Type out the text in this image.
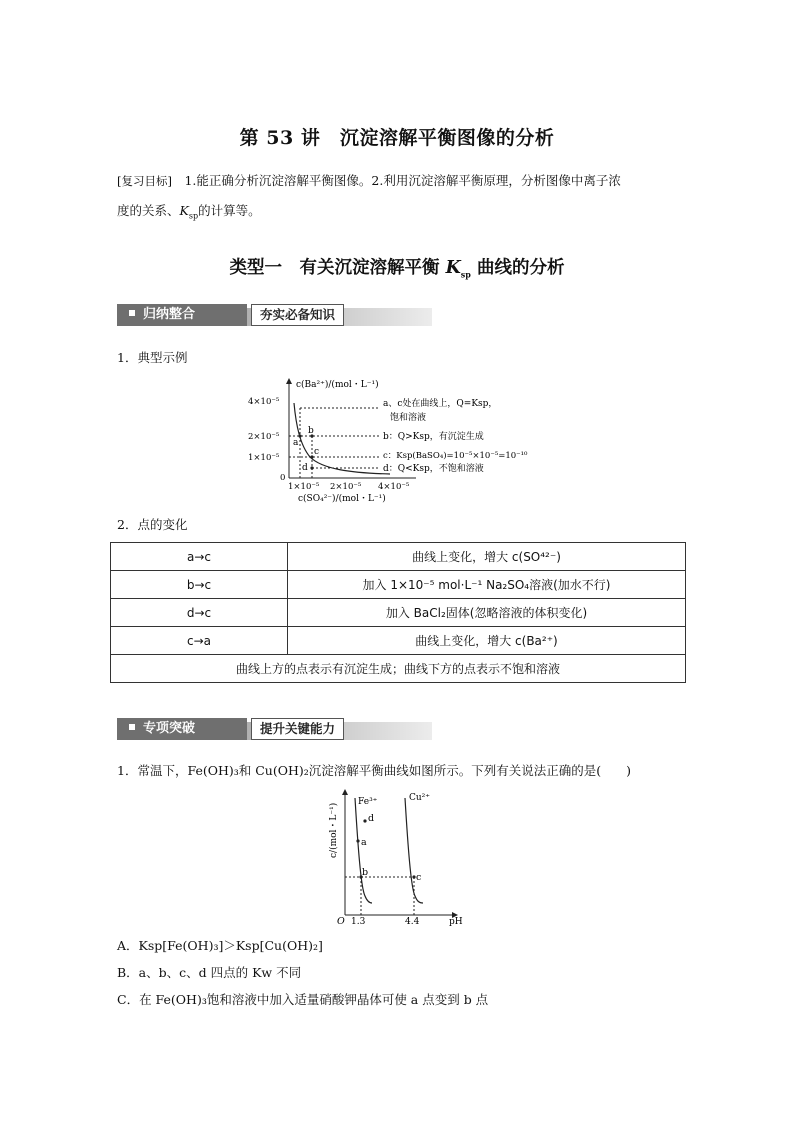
第 53 讲　沉淀溶解平衡图像的分析
[复习目标]　1.能正确分析沉淀溶解平衡图像。2.利用沉淀溶解平衡原理，分析图像中离子浓
度的关系、$K_{sp}$的计算等。
类型一　有关沉淀溶解平衡 $K_{sp}$ 曲线的分析
归纳整合	夯实必备知识
1．典型示例
a
b
c
d
c(Ba²⁺)/(mol・L⁻¹)
4×10⁻⁵
2×10⁻⁵
1×10⁻⁵
0
1×10⁻⁵ 2×10⁻⁵ 4×10⁻⁵
c(SO₄²⁻)/(mol・L⁻¹)
a、c处在曲线上，Q=Ksp，
饱和溶液
b：Q>Ksp，有沉淀生成
c：Ksp(BaSO₄)=10⁻⁵×10⁻⁵=10⁻¹⁰
d：Q<Ksp，不饱和溶液
2．点的变化
a→c	曲线上变化，增大 c(SO⁴²⁻)
b→c	加入 1×10⁻⁵ mol·L⁻¹ Na₂SO₄溶液(加水不行)
d→c	加入 BaCl₂固体(忽略溶液的体积变化)
c→a	曲线上变化，增大 c(Ba²⁺)
曲线上方的点表示有沉淀生成；曲线下方的点表示不饱和溶液	
专项突破	提升关键能力
1．常温下，Fe(OH)₃和 Cu(OH)₂沉淀溶解平衡曲线如图所示。下列有关说法正确的是(　　)
d
a
b	c
Fe³⁺	Cu²⁺
O 1.3	4.4	pH
c/(mol・L⁻¹)
A．Ksp[Fe(OH)₃]＞Ksp[Cu(OH)₂]
B．a、b、c、d 四点的 Kw 不同
C．在 Fe(OH)₃饱和溶液中加入适量硝酸钾晶体可使 a 点变到 b 点
